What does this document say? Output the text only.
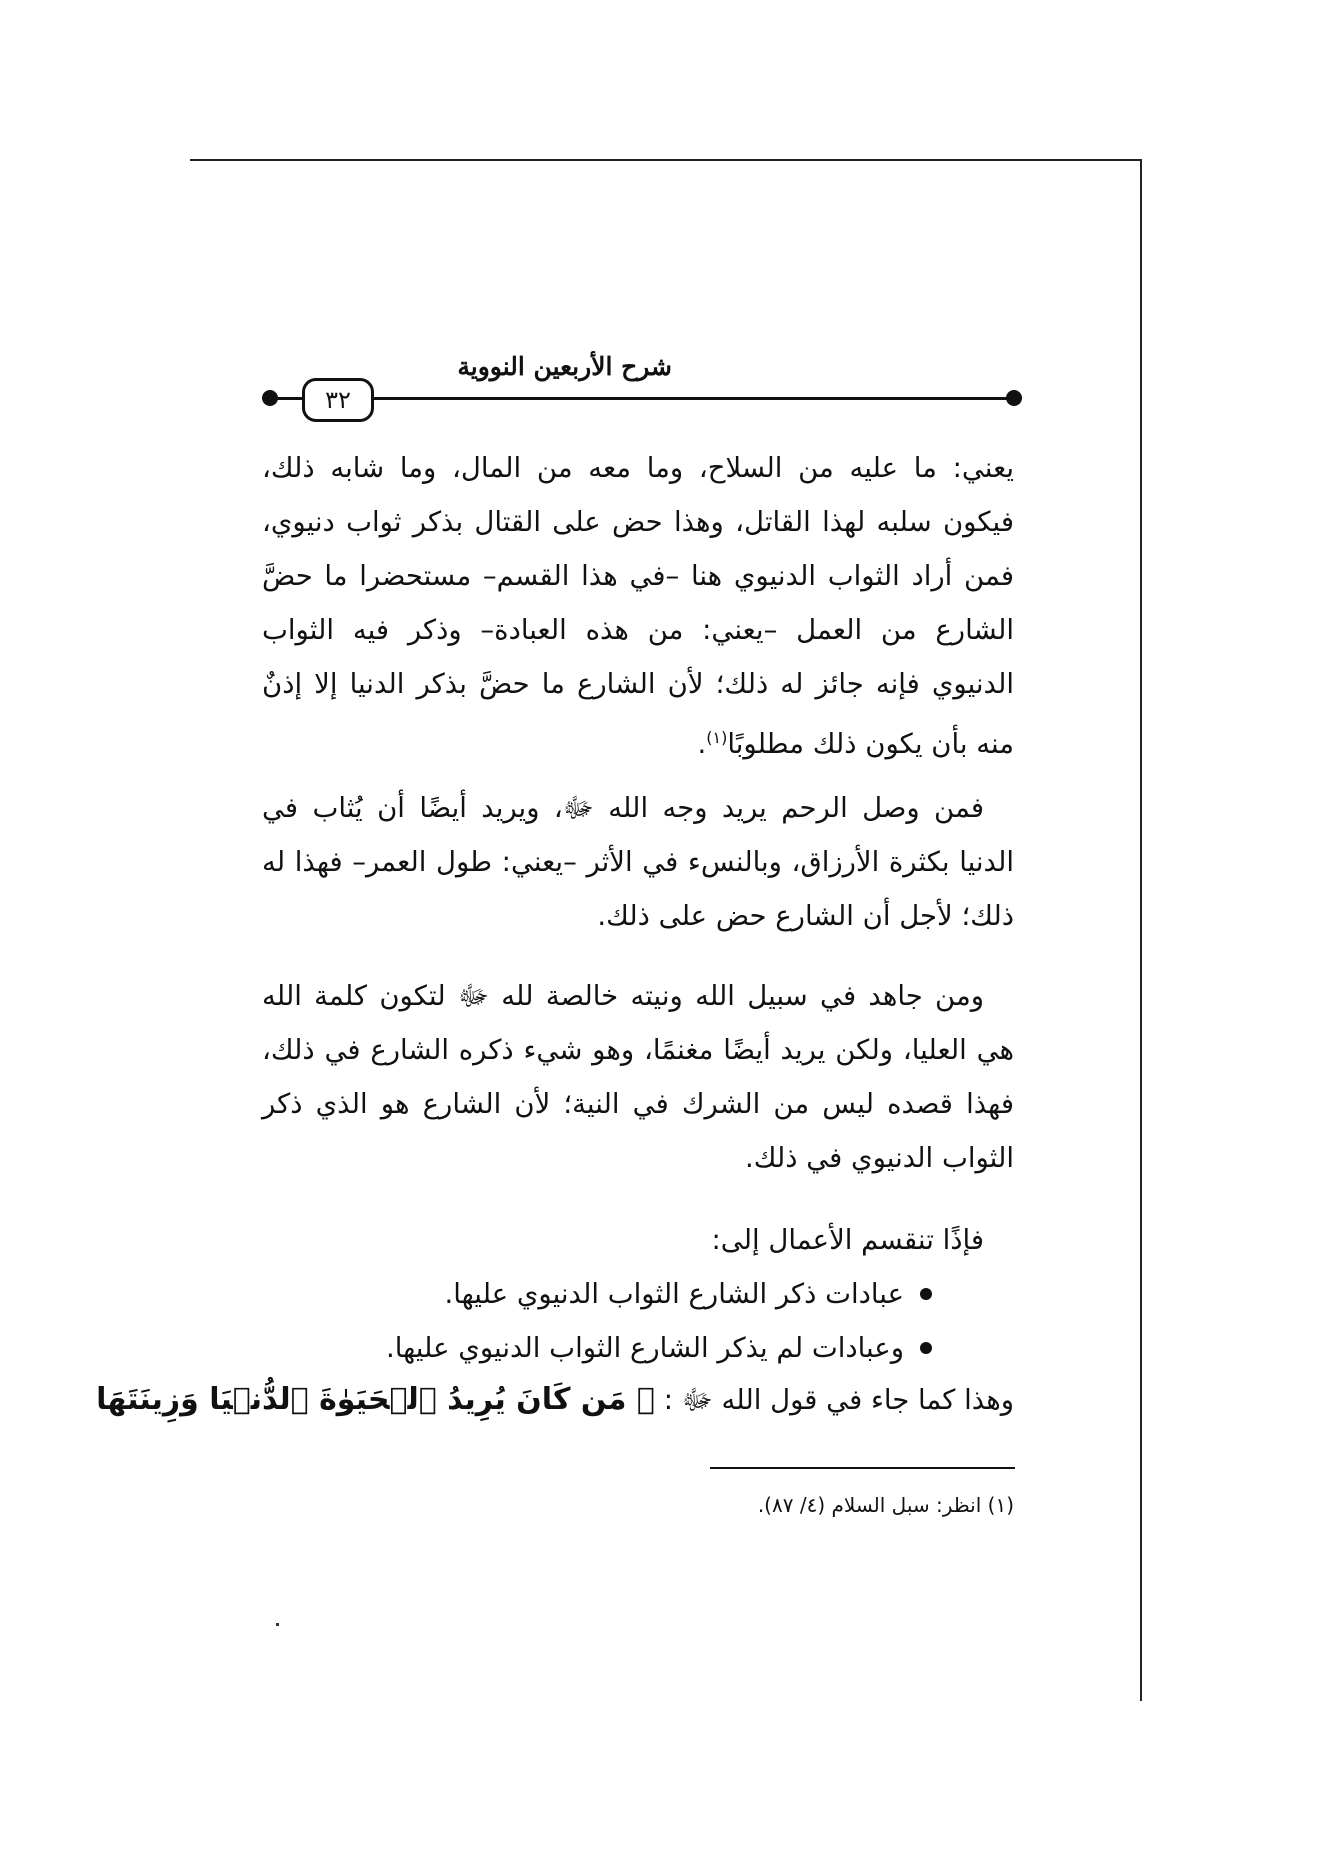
شرح الأربعين النووية
٣٢
يعني: ما عليه من السلاح، وما معه من المال، وما شابه ذلك، فيكون سلبه لهذا القاتل، وهذا حض على القتال بذكر ثواب دنيوي، فمن أراد الثواب الدنيوي هنا –في هذا القسم– مستحضرا ما حضَّ الشارع من العمل –يعني: من هذه العبادة– وذكر فيه الثواب الدنيوي فإنه جائز له ذلك؛ لأن الشارع ما حضَّ بذكر الدنيا إلا إذنٌ منه بأن يكون ذلك مطلوبًا$^{(١)}$.
فمن وصل الرحم يريد وجه الله ﷻ، ويريد أيضًا أن يُثاب في الدنيا بكثرة الأرزاق، وبالنسء في الأثر –يعني: طول العمر– فهذا له ذلك؛ لأجل أن الشارع حض على ذلك.
ومن جاهد في سبيل الله ونيته خالصة لله ﷻ لتكون كلمة الله هي العليا، ولكن يريد أيضًا مغنمًا، وهو شيء ذكره الشارع في ذلك، فهذا قصده ليس من الشرك في النية؛ لأن الشارع هو الذي ذكر الثواب الدنيوي في ذلك.
فإذًا تنقسم الأعمال إلى:
عبادات ذكر الشارع الثواب الدنيوي عليها.
وعبادات لم يذكر الشارع الثواب الدنيوي عليها.
وهذا كما جاء في قول الله ﷻ : ﴿ مَن كَانَ يُرِيدُ ٱلۡحَيَوٰةَ ٱلدُّنۡيَا وَزِينَتَهَا
(١) انظر: سبل السلام (٤/ ٨٧).
